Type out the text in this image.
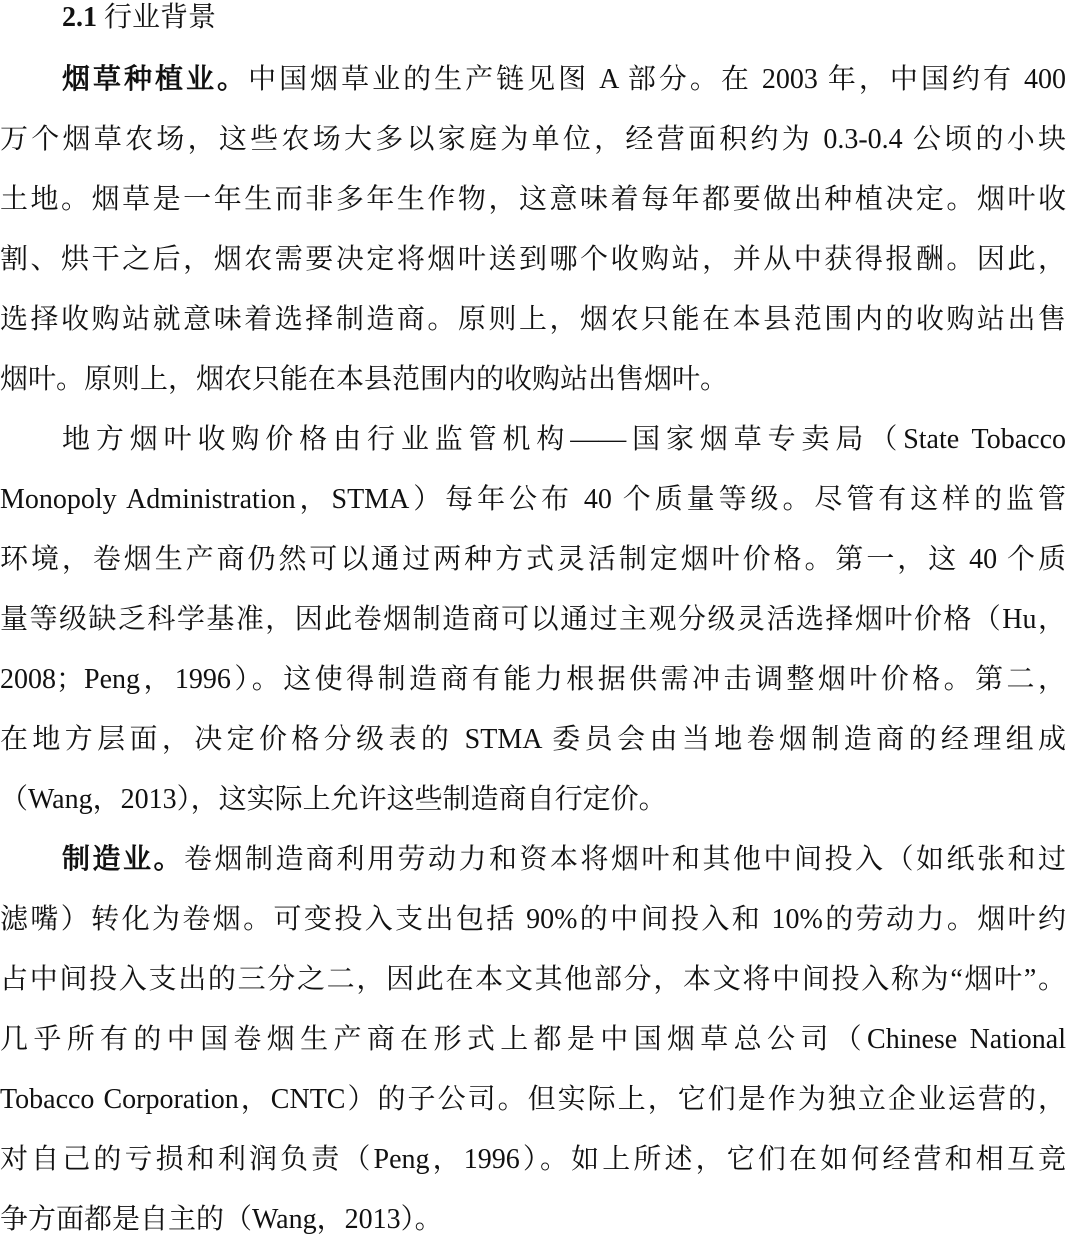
2.1 行业背景
烟草种植业。中国烟草业的生产链见图 A 部分。在 2003 年，中国约有 400
万个烟草农场，这些农场大多以家庭为单位，经营面积约为 0.3-0.4 公顷的小块
土地。烟草是一年生而非多年生作物，这意味着每年都要做出种植决定。烟叶收
割、烘干之后，烟农需要决定将烟叶送到哪个收购站，并从中获得报酬。因此，
选择收购站就意味着选择制造商。原则上，烟农只能在本县范围内的收购站出售
烟叶。原则上，烟农只能在本县范围内的收购站出售烟叶。
地方烟叶收购价格由行业监管机构——国家烟草专卖局（State Tobacco
Monopoly Administration，STMA）每年公布 40 个质量等级。尽管有这样的监管
环境，卷烟生产商仍然可以通过两种方式灵活制定烟叶价格。第一，这 40 个质
量等级缺乏科学基准，因此卷烟制造商可以通过主观分级灵活选择烟叶价格（Hu，
2008；Peng，1996）。这使得制造商有能力根据供需冲击调整烟叶价格。第二，
在地方层面，决定价格分级表的 STMA 委员会由当地卷烟制造商的经理组成
（Wang，2013），这实际上允许这些制造商自行定价。
制造业。卷烟制造商利用劳动力和资本将烟叶和其他中间投入（如纸张和过
滤嘴）转化为卷烟。可变投入支出包括 90%的中间投入和 10%的劳动力。烟叶约
占中间投入支出的三分之二，因此在本文其他部分，本文将中间投入称为“烟叶”。
几乎所有的中国卷烟生产商在形式上都是中国烟草总公司（Chinese National
Tobacco Corporation，CNTC）的子公司。但实际上，它们是作为独立企业运营的，
对自己的亏损和利润负责（Peng，1996）。如上所述，它们在如何经营和相互竞
争方面都是自主的（Wang，2013）。
